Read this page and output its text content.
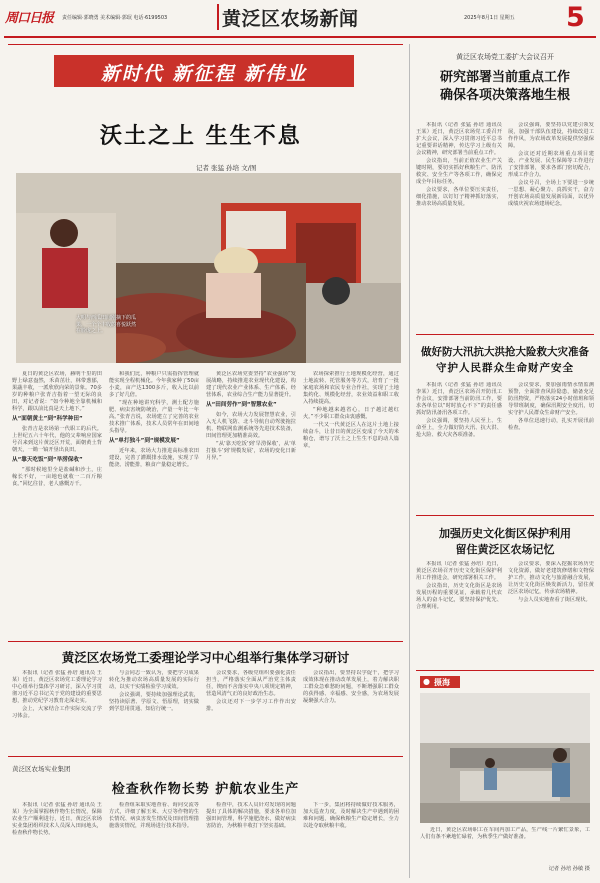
周口日报 责任编辑·郭晓勇 美术编辑·郭珉 电话·6199503	黄泛区农场新闻	2025年8月1日 星期五 5
新时代 新征程 新伟业
沃土之上 生生不息
记者 张猛 孙培 文/图
大明与西瓜田间刚摘下的瓜果，一个个丰收的喜悦跃然在脸庞之上。

夏日的黄泛区农场，赫明千里的田野上绿意盎然，禾苗茁壮，林带葱郁，果蔬丰收，一派欣欣向荣的景象。70多岁的种粮户张青吉指着一望无际的良田，对记者说：“如今种地全靠机械和科学，跟以前比真是天上地下。”

从“面朝黄土”到“科学种田”

张青吉是农场第一代职工的后代。上世纪五六十年代，他的父辈响应国家号召来到这片黄泛区开荒，面朝黄土背朝天，一锄一镐开垦出良田。

从“靠天吃饭”到“旱涝保收”

“那时候地里全是盐碱和沙土，庄稼长不好，一亩地也就收一二百斤粮食。”回忆往昔，老人感慨万千。

和我们比，种粮户只需指挥管理就能实现全程机械化。今年我家种了50亩小麦，亩产达1300多斤，收入比以前多了好几倍。

“现在种地讲究科学，测土配方施肥、病虫害统防统治，产量一年比一年高。”张青吉说，农场建立了完善的农业技术推广体系，技术人员常年在田间地头指导。

从“单打独斗”到“规模发展”

近年来，农场大力推进高标准农田建设，完善了灌溉排水设施，实现了旱能浇、涝能排，粮食产量稳定增长。

黄泛区农场党委坚持“农业强场”发展战略，持续推进农业现代化建设，构建了现代农业产业体系、生产体系、经营体系，农业综合生产能力显著提升。

从“田间劳作”到“智慧农业”

如今，农场大力发展智慧农业，引入无人机飞防、北斗导航自动驾驶拖拉机、物联网监测系统等先进技术装备，田间管理更加精准高效。

“从‘靠天吃饭’到‘旱涝保收’，从‘单打独斗’到‘规模发展’，农场的变化日新月异。”

农场探索推行土地规模化经营，通过土地流转、托管服务等方式，培育了一批家庭农场和农民专业合作社，实现了土地集约化、规模化经营，农业效益和职工收入持续提高。

“种地越来越省心，日子越过越红火。”不少职工群众由衷感慨。

一代又一代黄泛区人在这片土地上接续奋斗，让昔日的黄泛区变成了今天的米粮仓，谱写了沃土之上生生不息的动人篇章。

黄泛区农场党工委扩大会议召开
研究部署当前重点工作
确保各项决策落地生根

本报讯（记者 张猛 孙培 通讯员 王某）近日，黄泛区农场党工委召开扩大会议，深入学习贯彻习近平总书记重要讲话精神，传达学习上级有关会议精神，研究部署当前重点工作。

会议指出，当前正值农业生产关键时期，要切实抓好秋粮生产、防汛救灾、安全生产等各项工作，确保完成全年目标任务。

会议要求，各单位要压实责任，细化措施，以钉钉子精神抓好落实，推动农场高质量发展。

会议强调，要坚持以党建引领发展，加强干部队伍建设，持续改进工作作风，为农场改革发展提供坚强保障。

会议还对近期农场重点项目建设、产业发展、民生保障等工作进行了安排部署，要求各部门密切配合，形成工作合力。

会议号召，全场上下要进一步统一思想、凝心聚力、真抓实干，奋力开创农场高质量发展新局面，以优异成绩庆祝农场建场纪念。

做好防大汛抗大洪抢大险救大灾准备
守护人民群众生命财产安全

本报讯（记者 张猛 孙培 通讯员 李某）近日，黄泛区农场召开防汛工作会议，安排部署当前防汛工作，要求各单位以“时时放心不下”的责任感抓好防汛备汛各项工作。

会议强调，要坚持人民至上、生命至上，全力做好防大汛、抗大洪、抢大险、救大灾各项准备。

会议要求，要加强雨情水情监测预警，全面排查风险隐患，储备充足防汛物资，严格落实24小时值班和领导带班制度，确保汛期安全度汛，切实守护人民群众生命财产安全。

各单位迅速行动，扎实开展汛前检查。

加强历史文化街区保护利用
留住黄泛区农场记忆

本报讯（记者 张猛 孙培）近日，黄泛区农场召开历史文化街区保护利用工作推进会，研究部署相关工作。

会议指出，历史文化街区是农场发展历程的重要见证，承载着几代农场人的奋斗记忆，要坚持保护优先、合理利用。

会议要求，要深入挖掘农场历史文化资源，做好老建筑修缮和文物保护工作，推动文化与旅游融合发展，让历史文化街区焕发新活力，留住黄泛区农场记忆，传承农场精神。

与会人员实地查看了街区现状。

● 摄海

近日，黄泛区农场职工在车间内加工产品，生产线一片繁忙景象，工人们有条不紊地忙碌着，为秋季生产做好准备。

记者 孙培 孙敏 摄
黄泛区农场党工委理论学习中心组举行集体学习研讨

本报讯（记者 张猛 孙培 通讯员 王某）近日，黄泛区农场党工委理论学习中心组举行集体学习研讨，深入学习贯彻习近平总书记关于党的建设的重要思想，推动党纪学习教育走深走实。

会上，大家结合工作实际交流了学习体会。

与会同志一致认为，要把学习成果转化为推动农场高质量发展的实际行动，以实干实绩检验学习成效。

会议强调，要持续加强理论武装，坚持读原著、学原文、悟原理，切实做到学思用贯通、知信行统一。

会议要求，各级党组织要强化责任担当，严格落实全面从严治党主体责任，锲而不舍落实中央八项规定精神，营造风清气正的良好政治生态。

会议还对下一步学习工作作出安排。

会议指出，要坚持以学促干，把学习成效体现在推动改革发展上，着力解决职工群众急难愁盼问题，不断增强职工群众的获得感、幸福感、安全感，为农场发展凝聚强大合力。

黄泛区农场实业集团
检查秋作物长势 护航农业生产

本报讯（记者 张猛 孙培 通讯员 王某）为全面掌握秋作物生长情况，保障农业生产顺利进行，近日，黄泛区农场实业集团组织技术人员深入田间地头，检查秋作物长势。

检查组采取实地查看、询问交流等方式，详细了解玉米、大豆等作物的生长情况、病虫害发生情况及田间管理措施落实情况，并现场进行技术指导。

检查中，技术人员针对发现的问题提出了具体的解决措施，要求各单位加强田间管理，科学施肥浇水，做好病虫害防治，为秋粮丰收打下坚实基础。

下一步，集团将持续做好技术服务，加大巡查力度，及时解决生产中遇到的困难和问题，确保秋粮生产稳定增长，全力以赴夺取秋粮丰收。
